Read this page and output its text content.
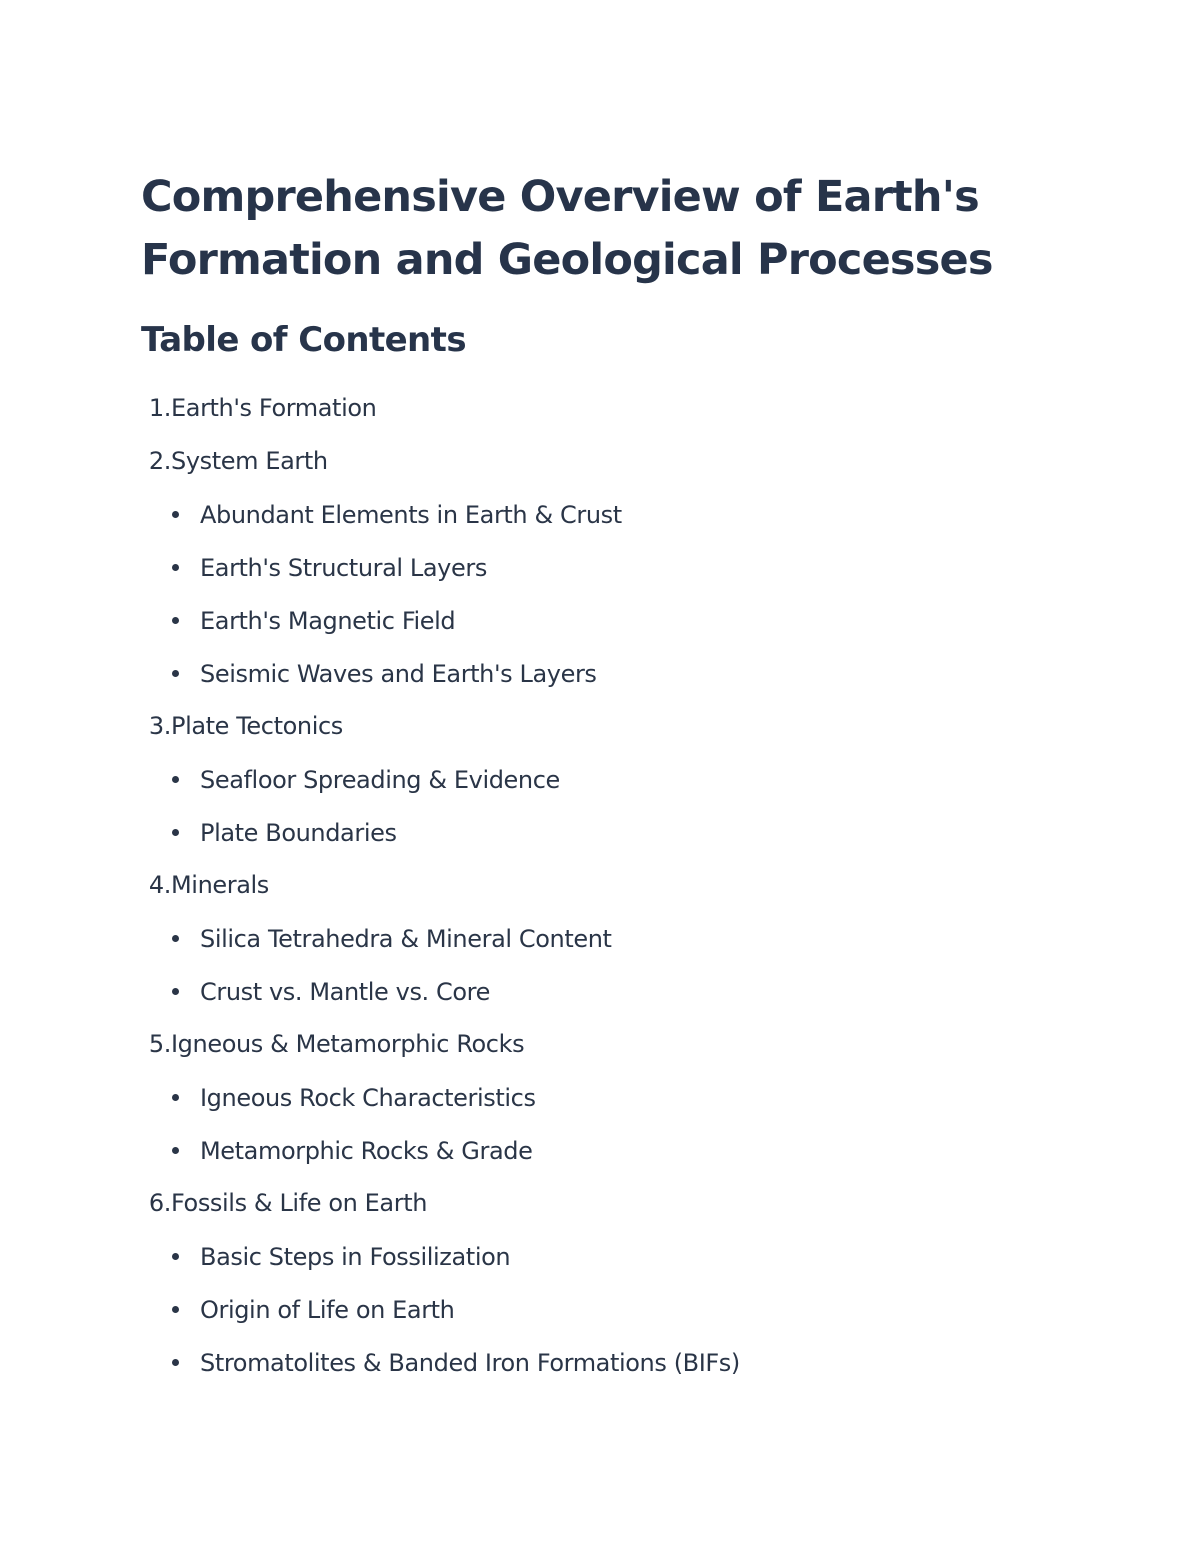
Comprehensive Overview of Earth's
Formation and Geological Processes
Table of Contents
1. Earth's Formation
2. System Earth
Abundant Elements in Earth & Crust
Earth's Structural Layers
Earth's Magnetic Field
Seismic Waves and Earth's Layers
3. Plate Tectonics
Seafloor Spreading & Evidence
Plate Boundaries
4. Minerals
Silica Tetrahedra & Mineral Content
Crust vs. Mantle vs. Core
5. Igneous & Metamorphic Rocks
Igneous Rock Characteristics
Metamorphic Rocks & Grade
6. Fossils & Life on Earth
Basic Steps in Fossilization
Origin of Life on Earth
Stromatolites & Banded Iron Formations (BIFs)
